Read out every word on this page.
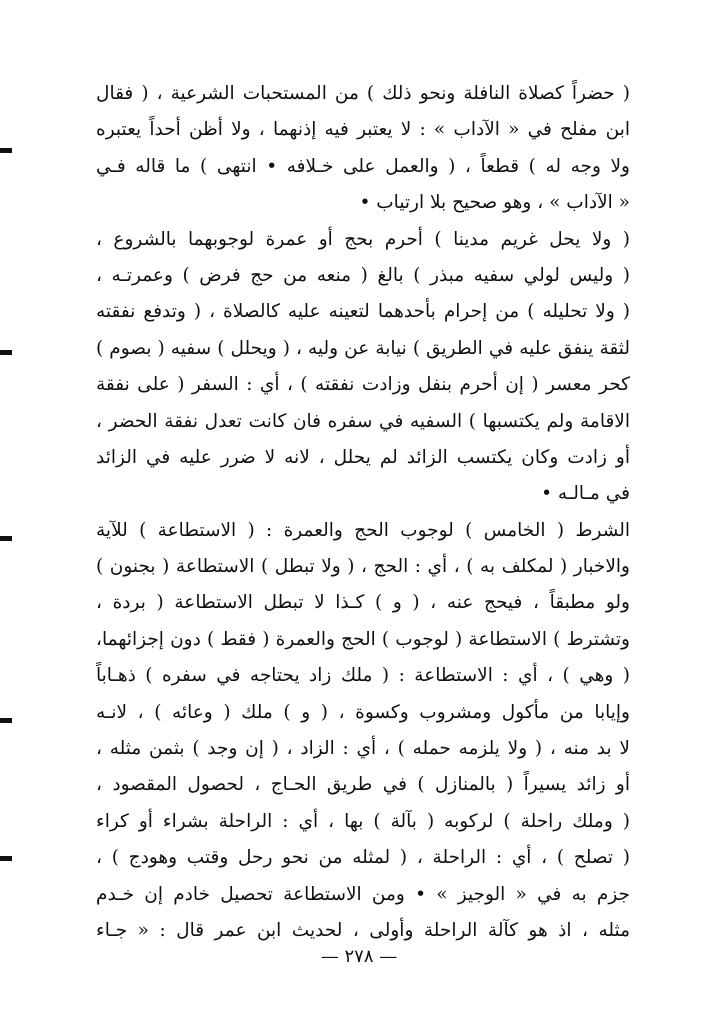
( حضراً كصلاة النافلة ونحو ذلك ) من المستحبات الشرعية ، ( فقال
ابن مفلح في « الآداب » : لا يعتبر فيه إذنهما ، ولا أظن أحداً يعتبره
ولا وجه له ) قطعاً ، ( والعمل على خـلافه • انتهى ) ما قاله فـي
« الآداب » ، وهو صحيح بلا ارتياب •
( ولا يحل غريم مدينا ) أحرم بحج أو عمرة لوجوبهما بالشروع ،
( وليس لولي سفيه مبذر ) بالغ ( منعه من حج فرض ) وعمرتـه ،
( ولا تحليله ) من إحرام بأحدهما لتعينه عليه كالصلاة ، ( وتدفع نفقته
لثقة ينفق عليه في الطريق ) نيابة عن وليه ، ( ويحلل ) سفيه ( بصوم )
كحر معسر ( إن أحرم بنفل وزادت نفقته ) ، أي : السفر ( على نفقة
الاقامة ولم يكتسبها ) السفيه في سفره فان كانت تعدل نفقة الحضر ،
أو زادت وكان يكتسب الزائد لم يحلل ، لانه لا ضرر عليه في الزائد
في مـالـه •
الشرط ( الخامس ) لوجوب الحج والعمرة : ( الاستطاعة ) للآية
والاخبار ( لمكلف به ) ، أي : الحج ، ( ولا تبطل ) الاستطاعة ( بجنون )
ولو مطبقاً ، فيحج عنه ، ( و ) كـذا لا تبطل الاستطاعة ( بردة ،
وتشترط ) الاستطاعة ( لوجوب ) الحج والعمرة ( فقط ) دون إجزائهما،
( وهي ) ، أي : الاستطاعة : ( ملك زاد يحتاجه في سفره ) ذهـاباً
وإيابا من مأكول ومشروب وكسوة ، ( و ) ملك ( وعائه ) ، لانـه
لا بد منه ، ( ولا يلزمه حمله ) ، أي : الزاد ، ( إن وجد ) بثمن مثله ،
أو زائد يسيراً ( بالمنازل ) في طريق الحـاج ، لحصول المقصود ،
( وملك راحلة ) لركوبه ( بآلة ) بها ، أي : الراحلة بشراء أو كراء
( تصلح ) ، أي : الراحلة ، ( لمثله من نحو رحل وقتب وهودج ) ،
جزم به في « الوجيز » • ومن الاستطاعة تحصيل خادم إن خـدم
مثله ، اذ هو كآلة الراحلة وأولى ، لحديث ابن عمر قال : « جـاء
— ٢٧٨ —
